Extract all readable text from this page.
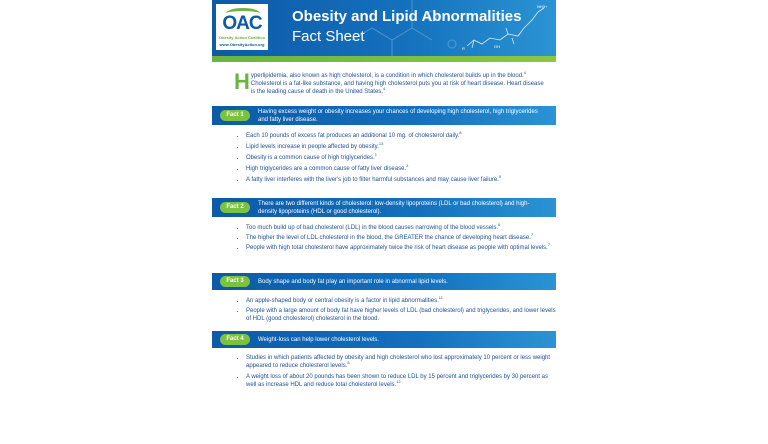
NH3+
OH
R
OAC
Obesity Action Coalition
www.ObesityAction.org
Obesity and Lipid Abnormalities
Fact Sheet
Hyperlipidemia, also known as high cholesterol, is a condition in which cholesterol builds up in the blood.$^4$ Cholesterol is a fat-like substance, and having high cholesterol puts you at risk of heart disease. Heart disease is the leading cause of death in the United States.$^4$
Fact 1	Having excess weight or obesity increases your chances of developing high cholesterol, high triglycerides and fatty liver disease.
• Each 10 pounds of excess fat produces an additional 10 mg. of cholesterol daily.$^8$
• Lipid levels increase in people affected by obesity.$^{13}$
• Obesity is a common cause of high triglycerides.$^1$
• High triglycerides are a common cause of fatty liver disease.$^3$
• A fatty liver interferes with the liver's job to filter harmful substances and may cause liver failure.$^5$
Fact 2	There are two different kinds of cholesterol: low-density lipoproteins (LDL or bad cholesterol) and high-density lipoproteins (HDL or good cholesterol).
• Too much build up of bad cholesterol (LDL) in the blood causes narrowing of the blood vessels.$^6$
• The higher the level of LDL cholesterol in the blood, the GREATER the chance of developing heart disease.$^7$
• People with high total cholesterol have approximately twice the risk of heart disease as people with optimal levels.$^7$
Fact 3	Body shape and body fat play an important role in abnormal lipid levels.
• An apple-shaped body or central obesity is a factor in lipid abnormalities.$^{11}$
• People with a large amount of body fat have higher levels of LDL (bad cholesterol) and triglycerides, and lower levels of HDL (good cholesterol) cholesterol in the blood.
Fact 4	Weight-loss can help lower cholesterol levels.
• Studies in which patients affected by obesity and high cholesterol who lost approximately 10 percent or less weight appeared to reduce cholesterol levels.$^8$
• A weight loss of about 20 pounds has been shown to reduce LDL by 15 percent and triglycerides by 30 percent as well as increase HDL and reduce total cholesterol levels.$^{12}$
